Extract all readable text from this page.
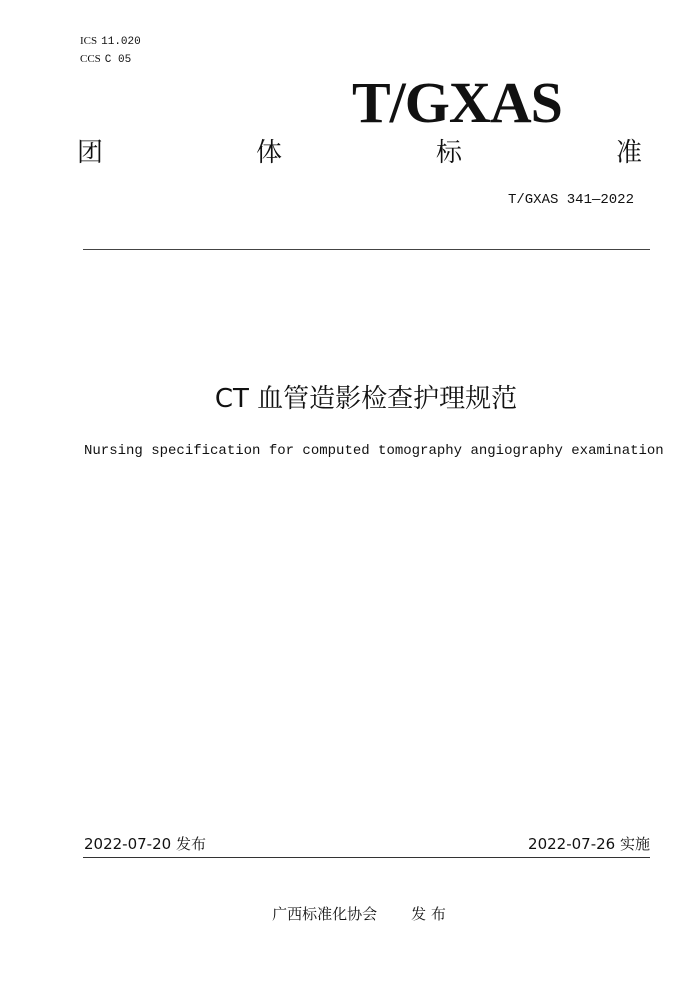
ICS 11.020
CCS C 05
T/GXAS
团	体	标	准
T/GXAS 341—2022
CT 血管造影检查护理规范
Nursing specification for computed tomography angiography examination
2022-07-20 发布	2022-07-26 实施
广西标准化协会 发 布
